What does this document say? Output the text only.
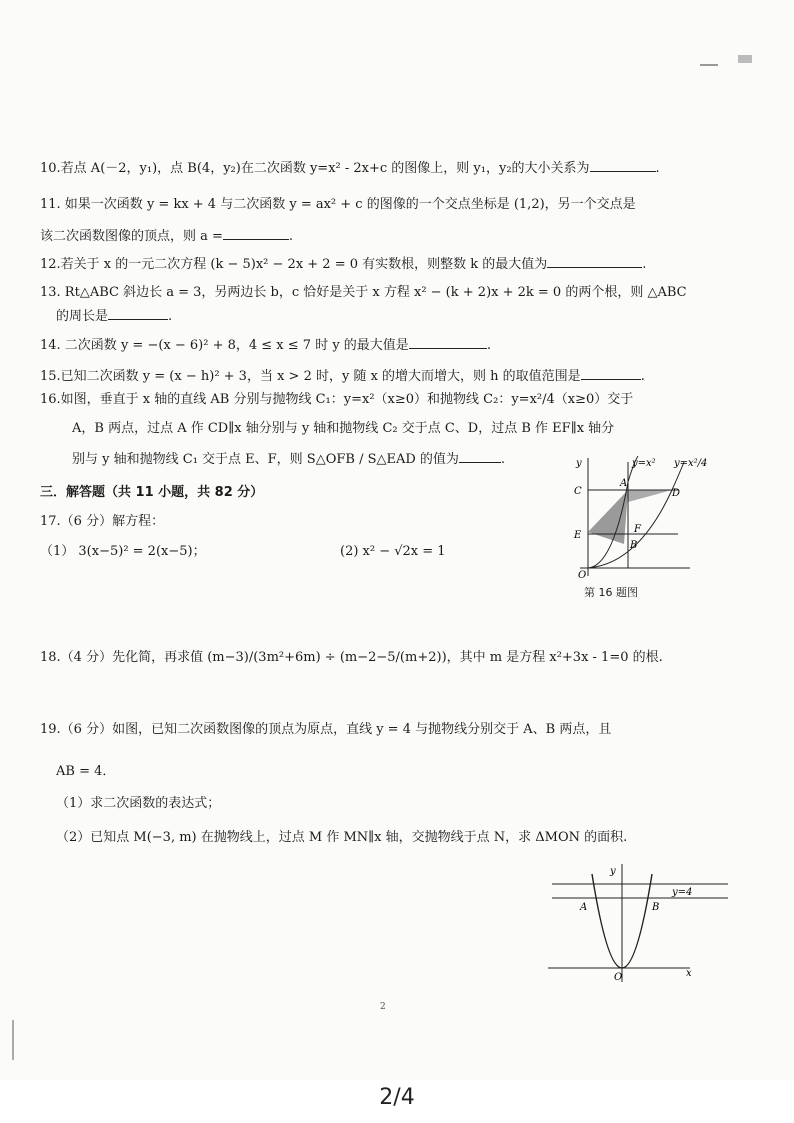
10.若点 A(－2，y₁)，点 B(4，y₂)在二次函数 y=x² - 2x+c 的图像上，则 y₁，y₂的大小关系为	.
11. 如果一次函数 y = kx + 4 与二次函数 y = ax² + c 的图像的一个交点坐标是 (1,2)，另一个交点是
该二次函数图像的顶点，则 a =	.
12.若关于 x 的一元二次方程 (k − 5)x² − 2x + 2 = 0 有实数根，则整数 k 的最大值为	.
13. Rt△ABC 斜边长 a = 3，另两边长 b，c 恰好是关于 x 方程 x² − (k + 2)x + 2k = 0 的两个根，则 △ABC
的周长是	.
14. 二次函数 y = −(x − 6)² + 8，4 ≤ x ≤ 7 时 y 的最大值是	.
15.已知二次函数 y = (x − h)² + 3，当 x > 2 时，y 随 x 的增大而增大，则 h 的取值范围是	.
16.如图，垂直于 x 轴的直线 AB 分别与抛物线 C₁：y=x²（x≥0）和抛物线 C₂：y=x²/4（x≥0）交于
A，B 两点，过点 A 作 CD∥x 轴分别与 y 轴和抛物线 C₂ 交于点 C、D，过点 B 作 EF∥x 轴分
别与 y 轴和抛物线 C₁ 交于点 E、F，则 S△OFB / S△EAD 的值为	.
三．解答题（共 11 小题，共 82 分）
17.（6 分）解方程：
（1） 3(x−5)² = 2(x−5)；	(2) x² − √2x = 1
y	y=x² y=x²/4
C
A
D
E
F
B
O
第 16 题图
18.（4 分）先化简，再求值 (m−3)/(3m²+6m) ÷ (m−2−5/(m+2))，其中 m 是方程 x²+3x - 1=0 的根.
19.（6 分）如图，已知二次函数图像的顶点为原点，直线 y = 4 与抛物线分别交于 A、B 两点，且
AB = 4．
（1）求二次函数的表达式；
（2）已知点 M(−3, m) 在抛物线上，过点 M 作 MN∥x 轴，交抛物线于点 N，求 ΔMON 的面积.
y
y=4
A	B
O	x
2
2/4
